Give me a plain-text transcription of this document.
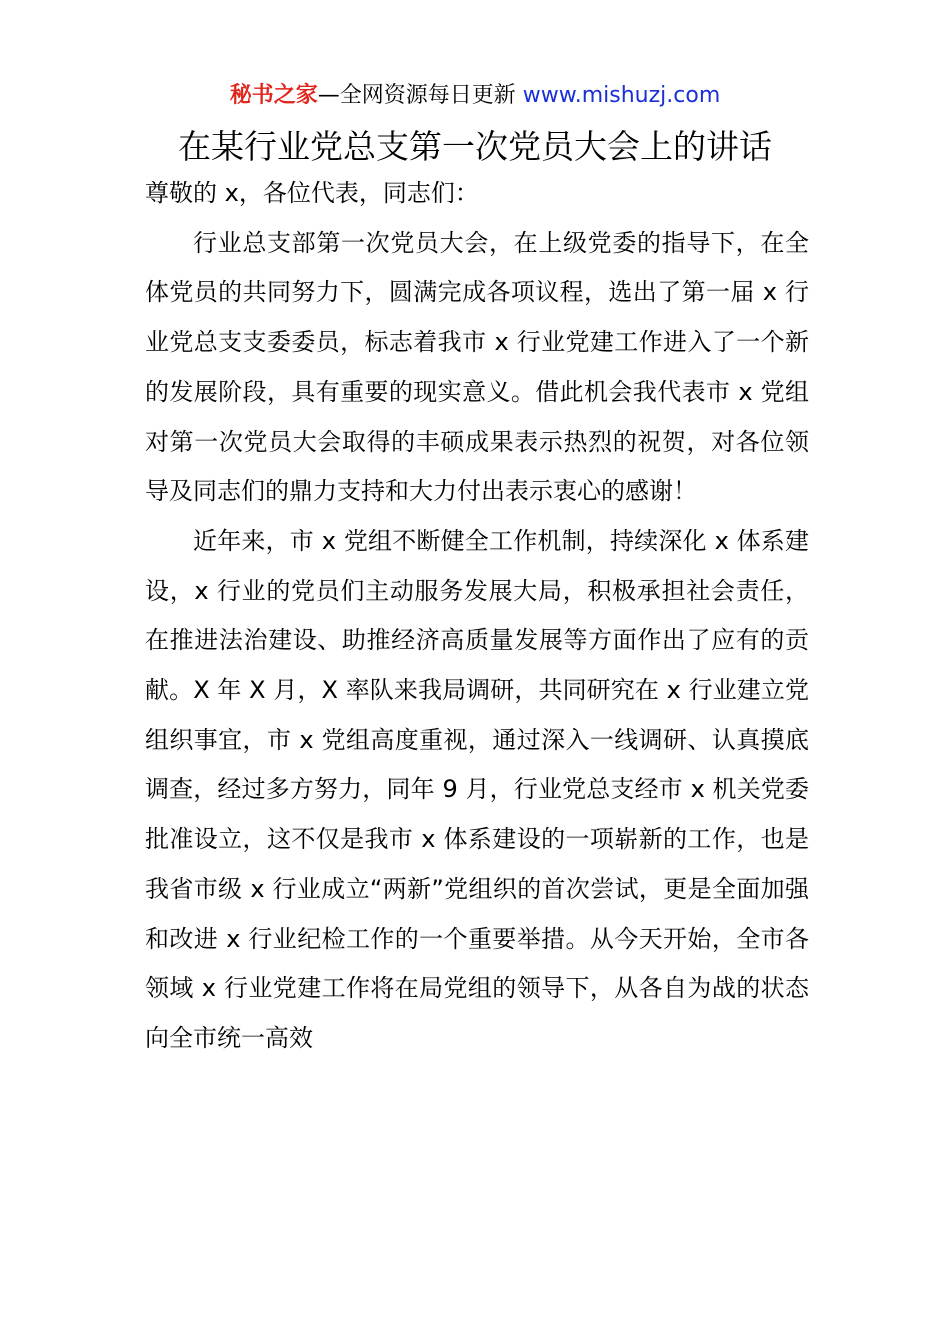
秘书之家—全网资源每日更新 www.mishuzj.com
在某行业党总支第一次党员大会上的讲话

尊敬的 x，各位代表，同志们：

行业总支部第一次党员大会，在上级党委的指导下，在全体党员的共同努力下，圆满完成各项议程，选出了第一届 x 行业党总支支委委员，标志着我市 x 行业党建工作进入了一个新的发展阶段，具有重要的现实意义。借此机会我代表市 x 党组对第一次党员大会取得的丰硕成果表示热烈的祝贺，对各位领导及同志们的鼎力支持和大力付出表示衷心的感谢！

近年来，市 x 党组不断健全工作机制，持续深化 x 体系建设，x 行业的党员们主动服务发展大局，积极承担社会责任，在推进法治建设、助推经济高质量发展等方面作出了应有的贡献。X 年 X 月，X 率队来我局调研，共同研究在 x 行业建立党组织事宜，市 x 党组高度重视，通过深入一线调研、认真摸底调查，经过多方努力，同年 9 月，行业党总支经市 x 机关党委批准设立，这不仅是我市 x 体系建设的一项崭新的工作，也是我省市级 x 行业成立“两新”党组织的首次尝试，更是全面加强和改进 x 行业纪检工作的一个重要举措。从今天开始，全市各领域 x 行业党建工作将在局党组的领导下，从各自为战的状态向全市统一高效
